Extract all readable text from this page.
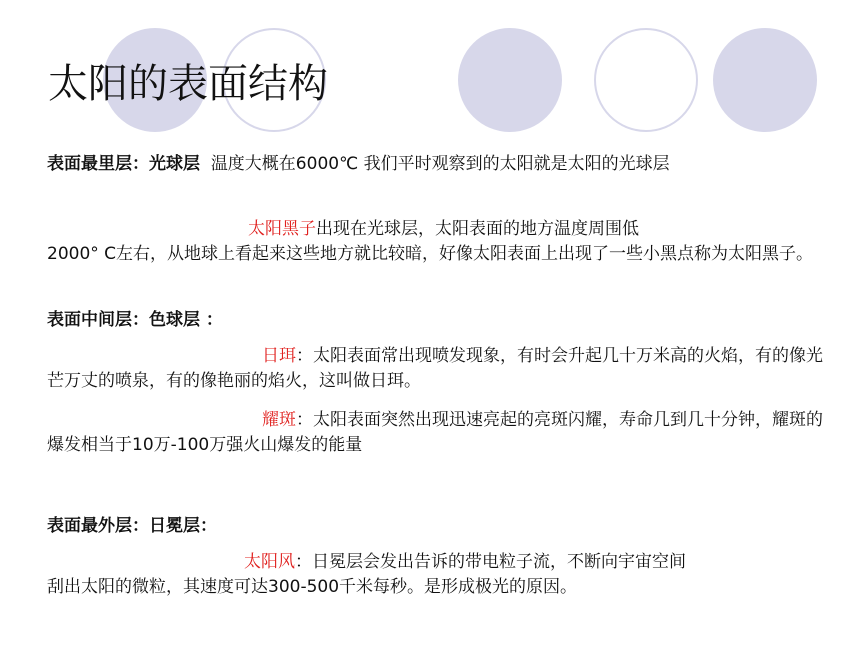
太阳的表面结构

表面最里层：光球层 温度大概在6000℃ 我们平时观察到的太阳就是太阳的光球层

太阳黑子出现在光球层，太阳表面的地方温度周围低
2000° C左右，从地球上看起来这些地方就比较暗，好像太阳表面上出现了一些小黑点称为太阳黑子。

表面中间层：色球层 ：

日珥：太阳表面常出现喷发现象，有时会升起几十万米高的火焰，有的像光芒万丈的喷泉，有的像艳丽的焰火，这叫做日珥。

耀斑：太阳表面突然出现迅速亮起的亮斑闪耀，寿命几到几十分钟，耀斑的爆发相当于10万-100万强火山爆发的能量

表面最外层：日冕层：

太阳风：日冕层会发出告诉的带电粒子流，不断向宇宙空间
刮出太阳的微粒，其速度可达300-500千米每秒。是形成极光的原因。
